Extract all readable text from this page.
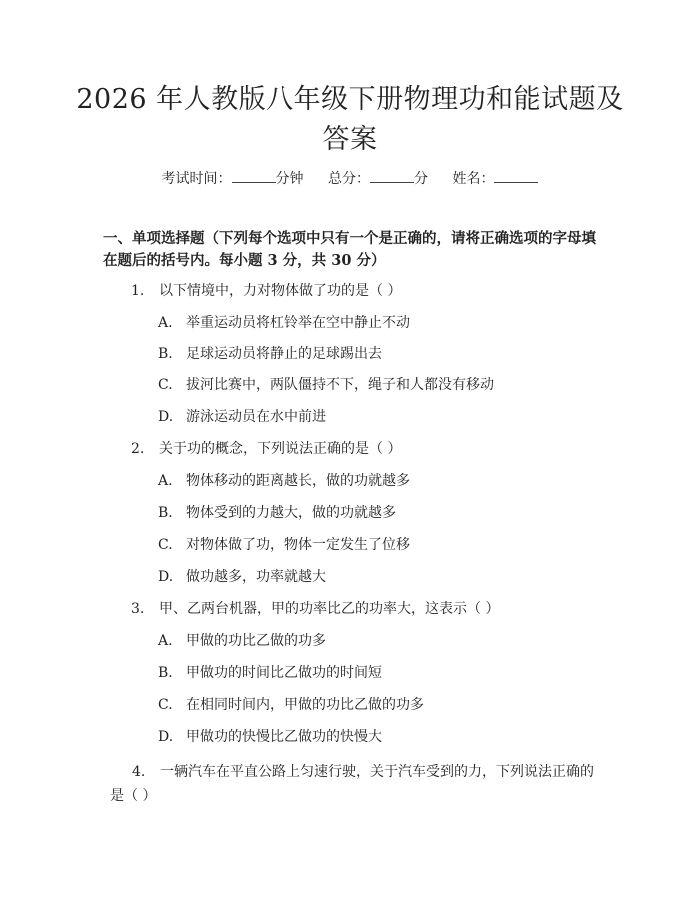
2026 年人教版八年级下册物理功和能试题及答案
考试时间：	分钟 总分：	分 姓名：

一、单项选择题（下列每个选项中只有一个是正确的，请将正确选项的字母填在题后的括号内。每小题 3 分，共 30 分）

1. 以下情境中，力对物体做了功的是（ ）
A. 举重运动员将杠铃举在空中静止不动
B. 足球运动员将静止的足球踢出去
C. 拔河比赛中，两队僵持不下，绳子和人都没有移动
D. 游泳运动员在水中前进
2. 关于功的概念，下列说法正确的是（ ）
A. 物体移动的距离越长，做的功就越多
B. 物体受到的力越大，做的功就越多
C. 对物体做了功，物体一定发生了位移
D. 做功越多，功率就越大
3. 甲、乙两台机器，甲的功率比乙的功率大，这表示（ ）
A. 甲做的功比乙做的功多
B. 甲做功的时间比乙做功的时间短
C. 在相同时间内，甲做的功比乙做的功多
D. 甲做功的快慢比乙做功的快慢大
4. 一辆汽车在平直公路上匀速行驶，关于汽车受到的力，下列说法正确的是（ ）
